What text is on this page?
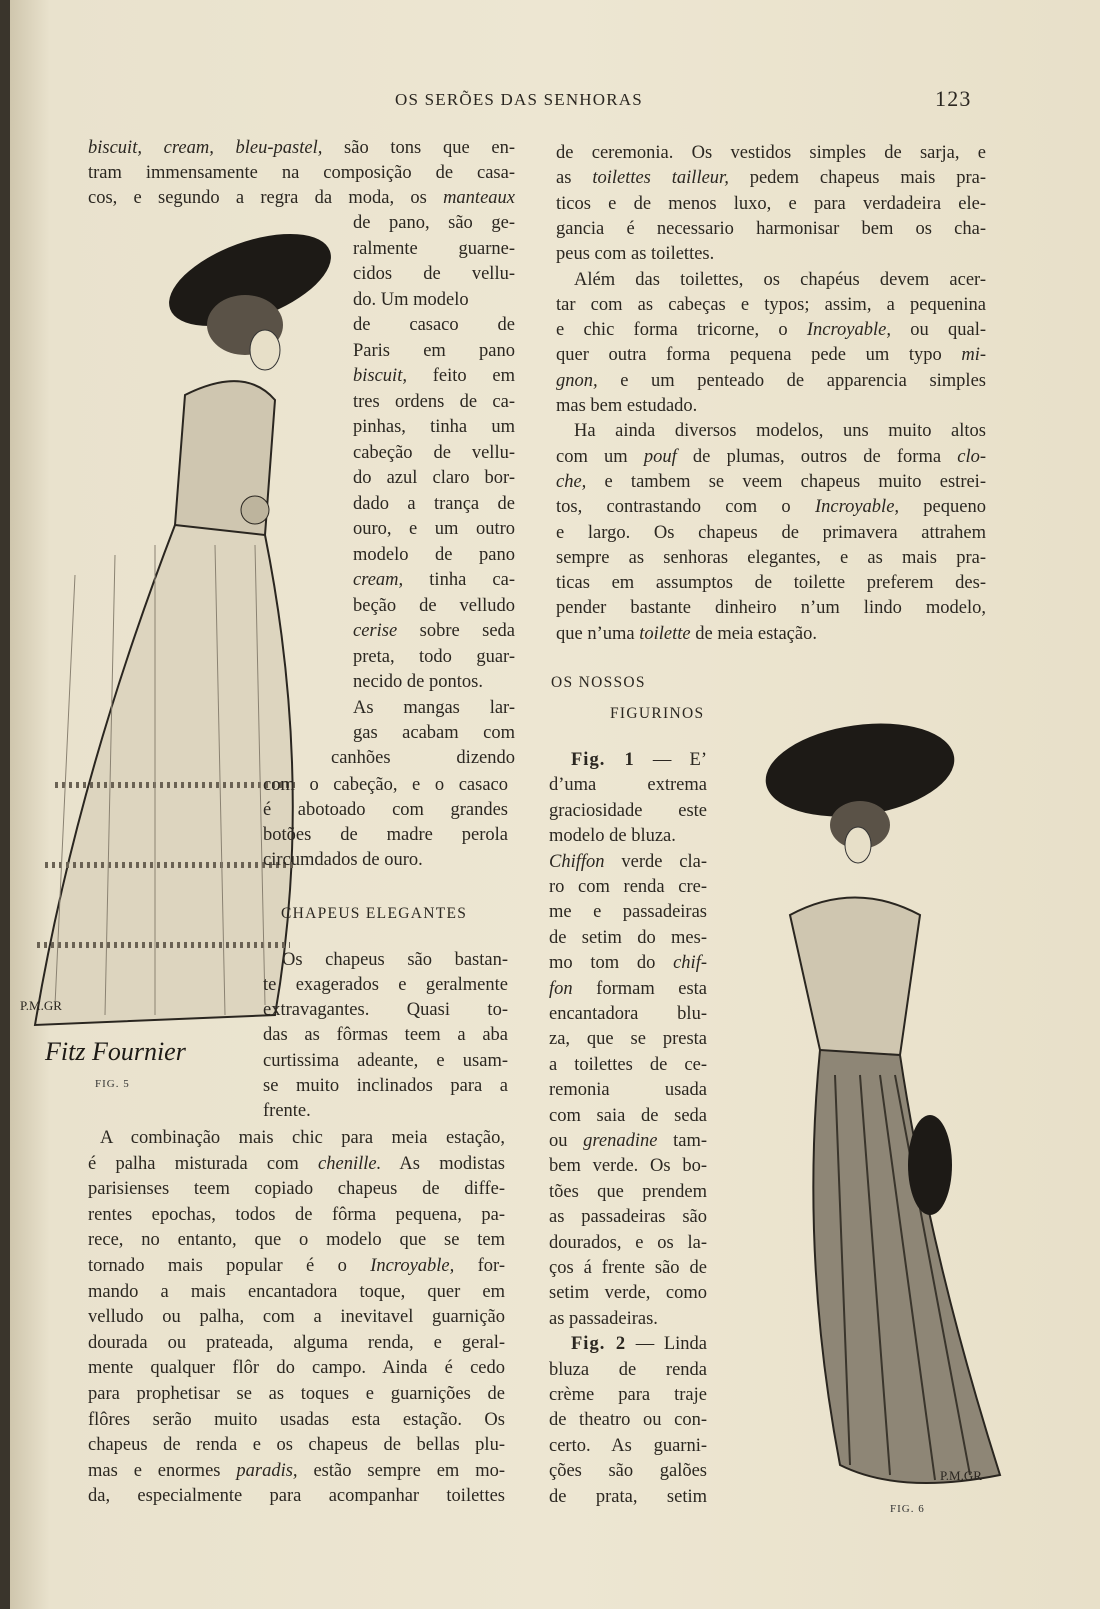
OS SERÕES DAS SENHORAS	123
P.M.GR
Fitz Fournier
FIG. 5
P.M.GR
FIG. 6
CHAPEUS ELEGANTES
OS NOSSOS
FIGURINOS
biscuit, cream, bleu-pastel, são tons que en-
tram immensamente na composição de casa-
cos, e segundo a regra da moda, os manteaux
de pano, são ge-
ralmente guarne-
cidos de vellu-
do. Um modelo
de casaco de
Paris em pano
biscuit, feito em
tres ordens de ca-
pinhas, tinha um
cabeção de vellu-
do azul claro bor-
dado a trança de
ouro, e um outro
modelo de pano
cream, tinha ca-
beção de velludo
cerise sobre seda
preta, todo guar-
necido de pontos.
As mangas lar-
gas acabam com
canhões dizendo
com o cabeção, e o casaco
é abotoado com grandes
botões de madre perola
circumdados de ouro.
Os chapeus são bastan-
te exagerados e geralmente
extravagantes. Quasi to-
das as fôrmas teem a aba
curtissima adeante, e usam-
se muito inclinados para a
frente.
A combinação mais chic para meia estação,
é palha misturada com chenille. As modistas
parisienses teem copiado chapeus de diffe-
rentes epochas, todos de fôrma pequena, pa-
rece, no entanto, que o modelo que se tem
tornado mais popular é o Incroyable, for-
mando a mais encantadora toque, quer em
velludo ou palha, com a inevitavel guarnição
dourada ou prateada, alguma renda, e geral-
mente qualquer flôr do campo. Ainda é cedo
para prophetisar se as toques e guarnições de
flôres serão muito usadas esta estação. Os
chapeus de renda e os chapeus de bellas plu-
mas e enormes paradis, estão sempre em mo-
da, especialmente para acompanhar toilettes
de ceremonia. Os vestidos simples de sarja, e
as toilettes tailleur, pedem chapeus mais pra-
ticos e de menos luxo, e para verdadeira ele-
gancia é necessario harmonisar bem os cha-
peus com as toilettes.
Além das toilettes, os chapéus devem acer-
tar com as cabeças e typos; assim, a pequenina
e chic forma tricorne, o Incroyable, ou qual-
quer outra forma pequena pede um typo mi-
gnon, e um penteado de apparencia simples
mas bem estudado.
Ha ainda diversos modelos, uns muito altos
com um pouf de plumas, outros de forma clo-
che, e tambem se veem chapeus muito estrei-
tos, contrastando com o Incroyable, pequeno
e largo. Os chapeus de primavera attrahem
sempre as senhoras elegantes, e as mais pra-
ticas em assumptos de toilette preferem des-
pender bastante dinheiro n’um lindo modelo,
que n’uma toilette de meia estação.
Fig. 1 — E’
d’uma extrema
graciosidade este
modelo de bluza.
Chiffon verde cla-
ro com renda cre-
me e passadeiras
de setim do mes-
mo tom do chif-
fon formam esta
encantadora blu-
za, que se presta
a toilettes de ce-
remonia usada
com saia de seda
ou grenadine tam-
bem verde. Os bo-
tões que prendem
as passadeiras são
dourados, e os la-
ços á frente são de
setim verde, como
as passadeiras.
Fig. 2 — Linda
bluza de renda
crème para traje
de theatro ou con-
certo. As guarni-
ções são galões
de prata, setim
